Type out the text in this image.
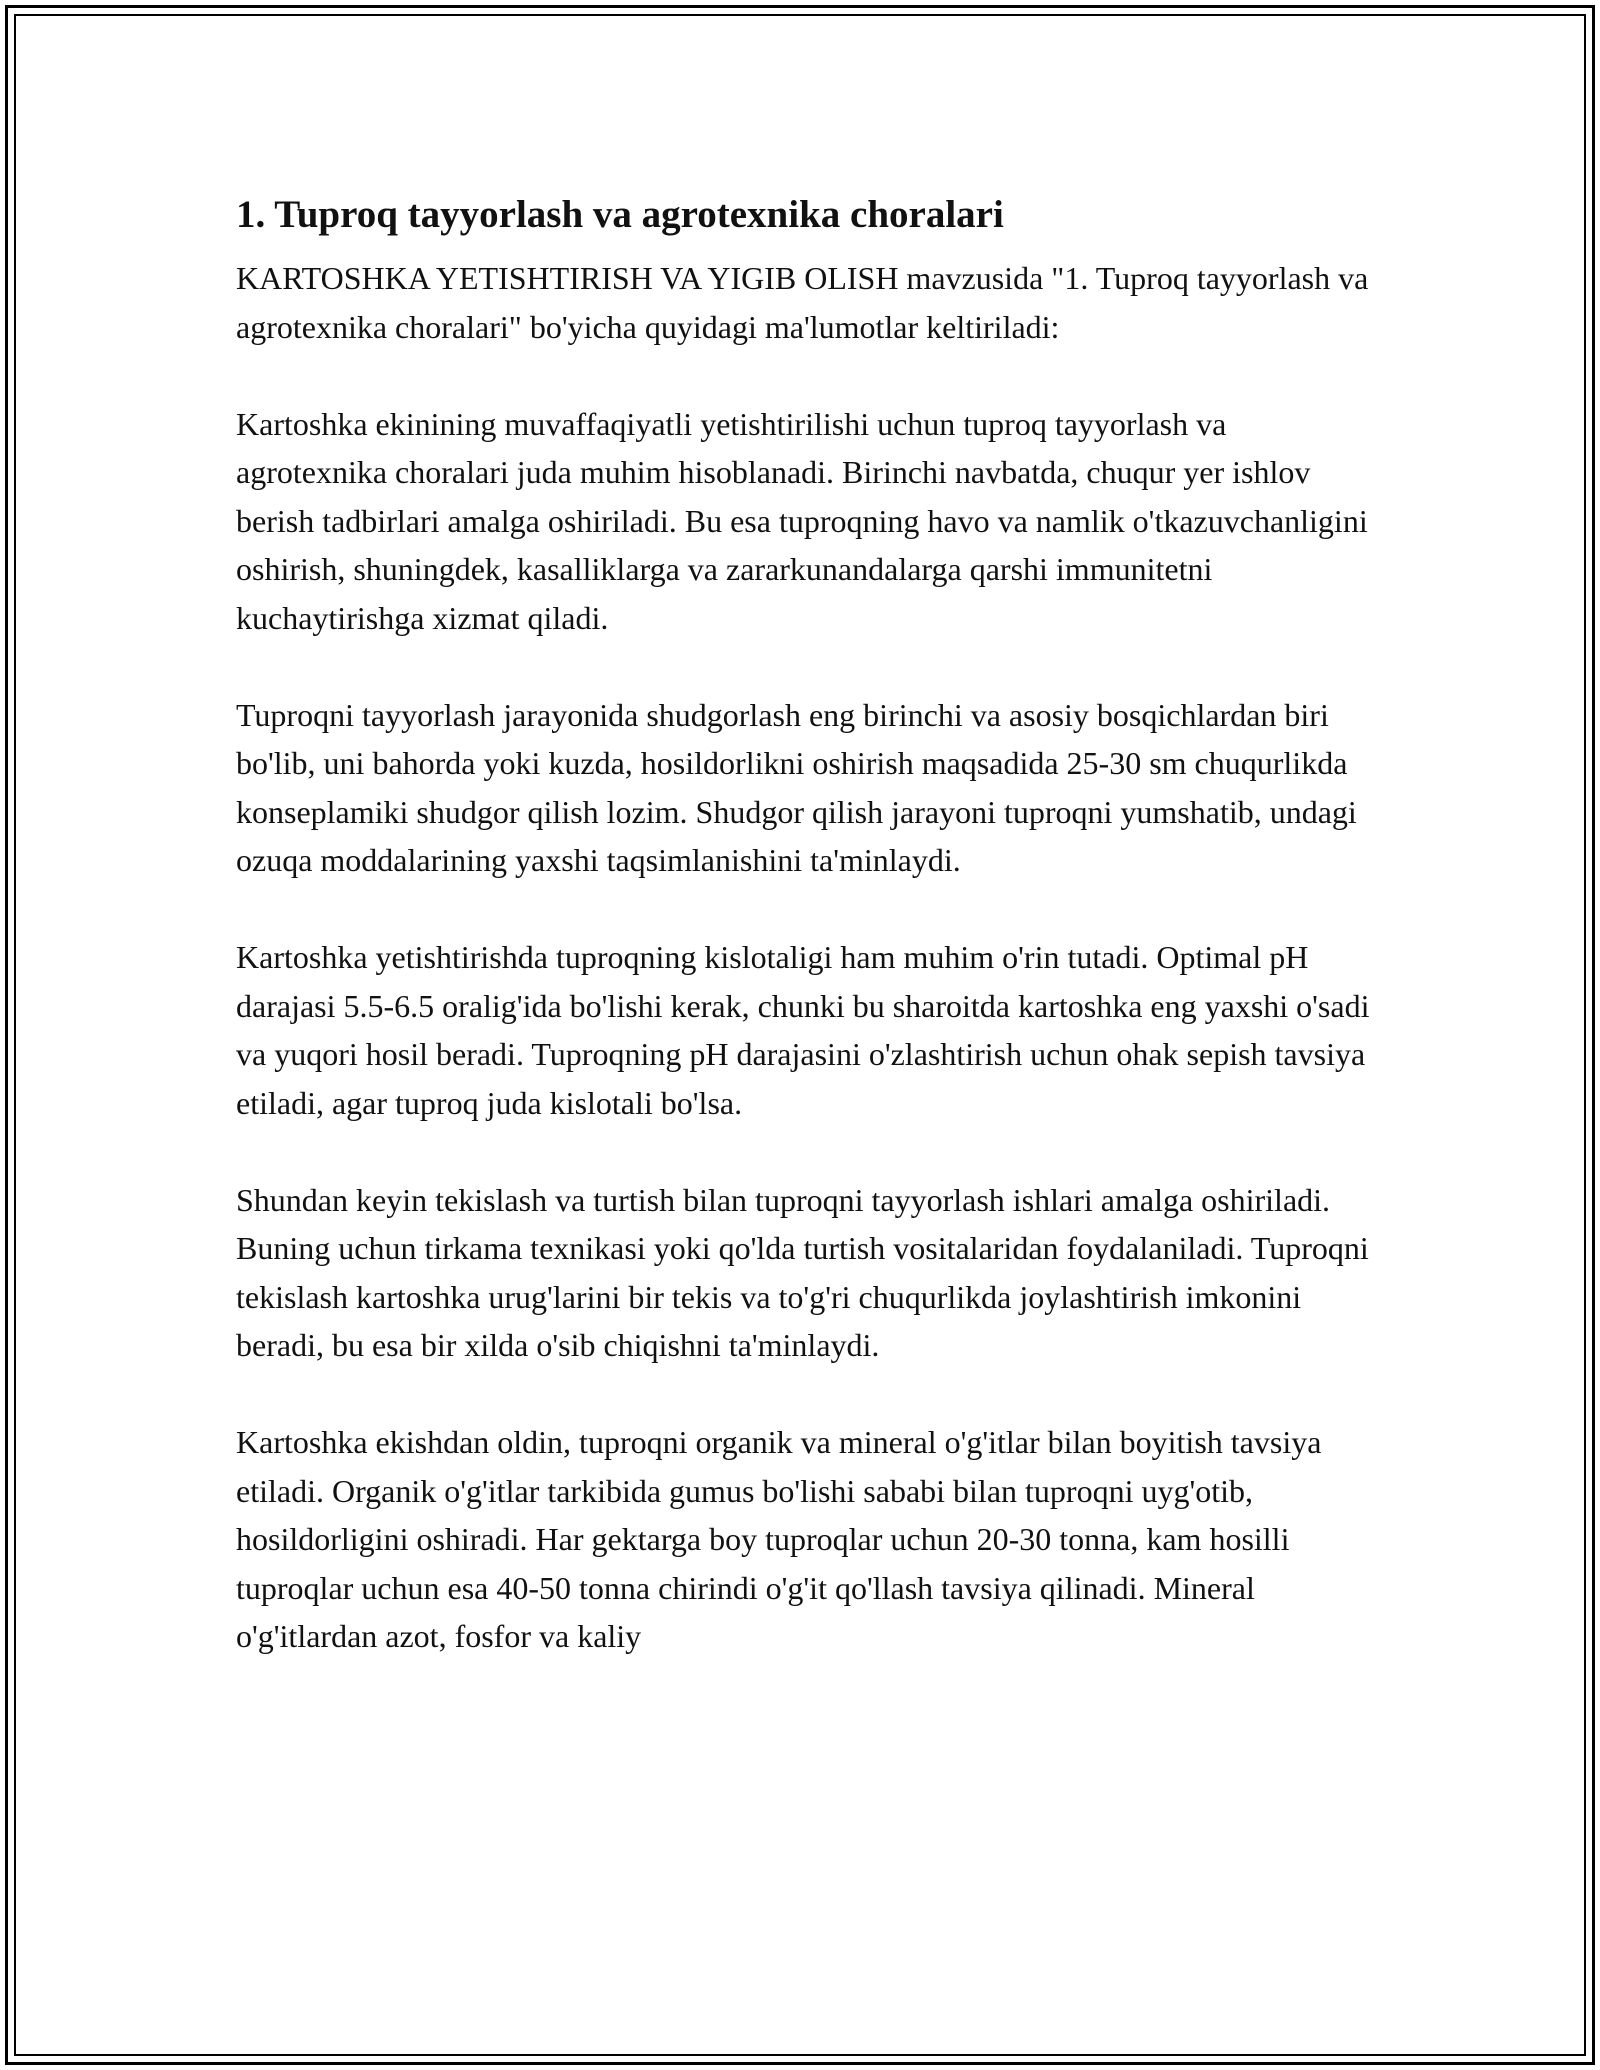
1. Tuproq tayyorlash va agrotexnika choralari

KARTOSHKA YETISHTIRISH VA YIGIB OLISH mavzusida "1. Tuproq tayyorlash va agrotexnika choralari" bo'yicha quyidagi ma'lumotlar keltiriladi:

Kartoshka ekinining muvaffaqiyatli yetishtirilishi uchun tuproq tayyorlash va agrotexnika choralari juda muhim hisoblanadi. Birinchi navbatda, chuqur yer ishlov berish tadbirlari amalga oshiriladi. Bu esa tuproqning havo va namlik o'tkazuvchanligini oshirish, shuningdek, kasalliklarga va zararkunandalarga qarshi immunitetni kuchaytirishga xizmat qiladi.

Tuproqni tayyorlash jarayonida shudgorlash eng birinchi va asosiy bosqichlardan biri bo'lib, uni bahorda yoki kuzda, hosildorlikni oshirish maqsadida 25-30 sm chuqurlikda konseplamiki shudgor qilish lozim. Shudgor qilish jarayoni tuproqni yumshatib, undagi ozuqa moddalarining yaxshi taqsimlanishini ta'minlaydi.

Kartoshka yetishtirishda tuproqning kislotaligi ham muhim o'rin tutadi. Optimal pH darajasi 5.5-6.5 oralig'ida bo'lishi kerak, chunki bu sharoitda kartoshka eng yaxshi o'sadi va yuqori hosil beradi. Tuproqning pH darajasini o'zlashtirish uchun ohak sepish tavsiya etiladi, agar tuproq juda kislotali bo'lsa.

Shundan keyin tekislash va turtish bilan tuproqni tayyorlash ishlari amalga oshiriladi. Buning uchun tirkama texnikasi yoki qo'lda turtish vositalaridan foydalaniladi. Tuproqni tekislash kartoshka urug'larini bir tekis va to'g'ri chuqurlikda joylashtirish imkonini beradi, bu esa bir xilda o'sib chiqishni ta'minlaydi.

Kartoshka ekishdan oldin, tuproqni organik va mineral o'g'itlar bilan boyitish tavsiya etiladi. Organik o'g'itlar tarkibida gumus bo'lishi sababi bilan tuproqni uyg'otib, hosildorligini oshiradi. Har gektarga boy tuproqlar uchun 20-30 tonna, kam hosilli tuproqlar uchun esa 40-50 tonna chirindi o'g'it qo'llash tavsiya qilinadi. Mineral o'g'itlardan azot, fosfor va kaliy
